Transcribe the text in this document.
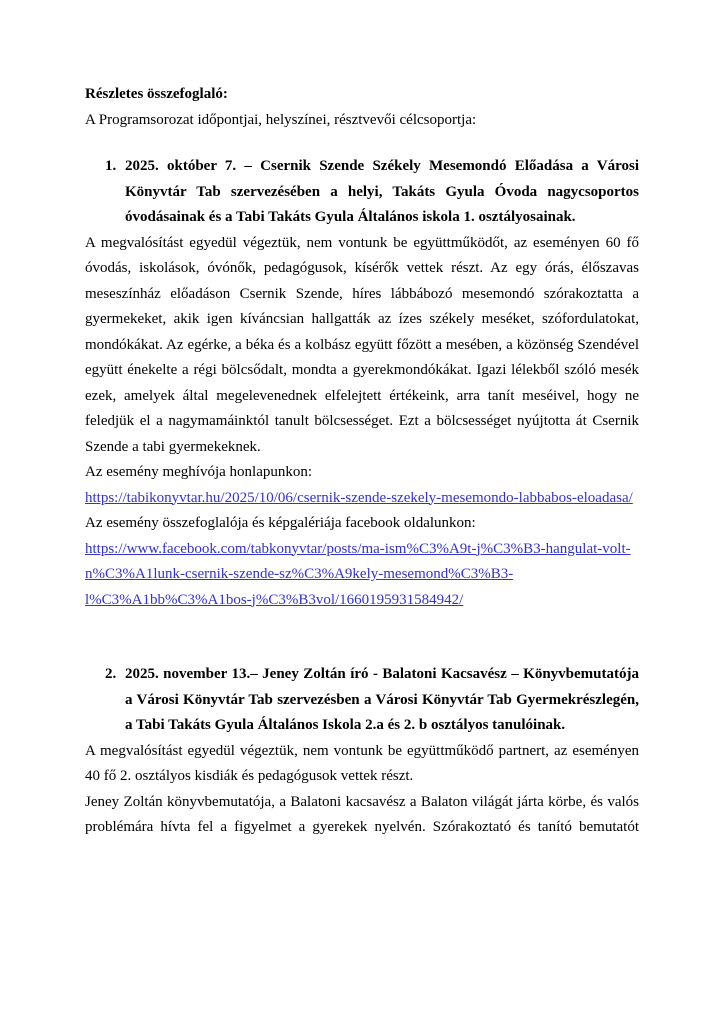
Részletes összefoglaló:

A Programsorozat időpontjai, helyszínei, résztvevői célcsoportja:

1. 2025. október 7. – Csernik Szende Székely Mesemondó Előadása a Városi Könyvtár Tab szervezésében a helyi, Takáts Gyula Óvoda nagycsoportos óvodásainak és a Tabi Takáts Gyula Általános iskola 1. osztályosainak.

A megvalósítást egyedül végeztük, nem vontunk be együttműködőt, az eseményen 60 fő óvodás, iskolások, óvónők, pedagógusok, kísérők vettek részt. Az egy órás, élőszavas meseszínház előadáson Csernik Szende, híres lábbábozó mesemondó szórakoztatta a gyermekeket, akik igen kíváncsian hallgatták az ízes székely meséket, szófordulatokat, mondókákat. Az egérke, a béka és a kolbász együtt főzött a mesében, a közönség Szendével együtt énekelte a régi bölcsődalt, mondta a gyerekmondókákat. Igazi lélekből szóló mesék ezek, amelyek által megelevenednek elfelejtett értékeink, arra tanít meséivel, hogy ne feledjük el a nagymamáinktól tanult bölcsességet. Ezt a bölcsességet nyújtotta át Csernik Szende a tabi gyermekeknek.

Az esemény meghívója honlapunkon:

https://tabikonyvtar.hu/2025/10/06/csernik-szende-szekely-mesemondo-labbabos-eloadasa/

Az esemény összefoglalója és képgalériája facebook oldalunkon:

https://www.facebook.com/tabkonyvtar/posts/ma-ism%C3%A9t-j%C3%B3-hangulat-volt-
n%C3%A1lunk-csernik-szende-sz%C3%A9kely-mesemond%C3%B3-
l%C3%A1bb%C3%A1bos-j%C3%B3vol/1660195931584942/

2. 2025. november 13.– Jeney Zoltán író - Balatoni Kacsavész – Könyvbemutatója a Városi Könyvtár Tab szervezésben a Városi Könyvtár Tab Gyermekrészlegén, a Tabi Takáts Gyula Általános Iskola 2.a és 2. b osztályos tanulóinak.

A megvalósítást egyedül végeztük, nem vontunk be együttműködő partnert, az eseményen 40 fő 2. osztályos kisdiák és pedagógusok vettek részt.

Jeney Zoltán könyvbemutatója, a Balatoni kacsavész a Balaton világát járta körbe, és valós problémára hívta fel a figyelmet a gyerekek nyelvén. Szórakoztató és tanító bemutatót
